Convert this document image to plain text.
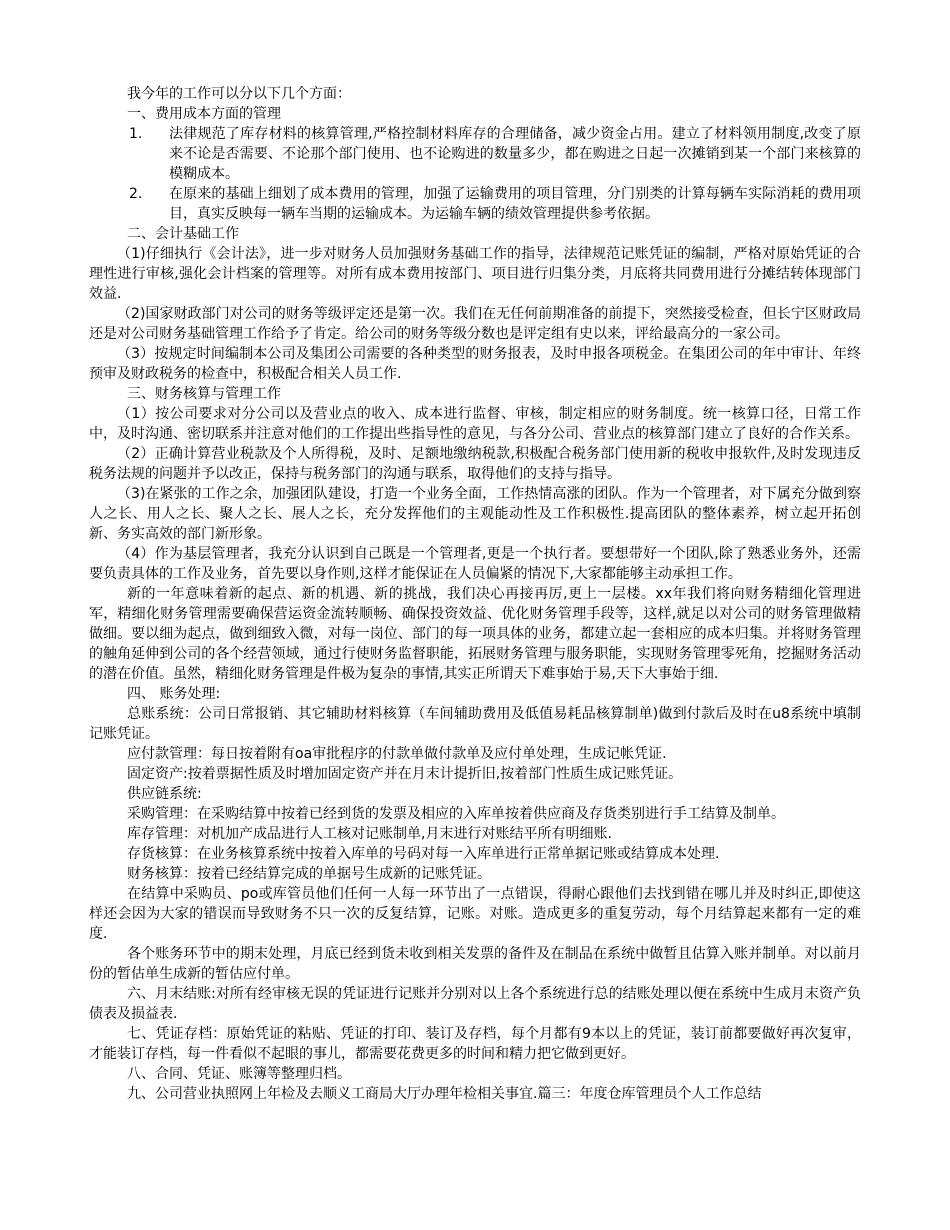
我今年的工作可以分以下几个方面：

一、费用成本方面的管理

1.	法律规范了库存材料的核算管理,严格控制材料库存的合理储备，减少资金占用。建立了材料领用制度,改变了原来不论是否需要、不论那个部门使用、也不论购进的数量多少，都在购进之日起一次摊销到某一个部门来核算的模糊成本。
2.	在原来的基础上细划了成本费用的管理，加强了运输费用的项目管理，分门别类的计算每辆车实际消耗的费用项目，真实反映每一辆车当期的运输成本。为运输车辆的绩效管理提供参考依据。

二、会计基础工作

（1)仔细执行《会计法》，进一步对财务人员加强财务基础工作的指导，法律规范记账凭证的编制，严格对原始凭证的合理性进行审核,强化会计档案的管理等。对所有成本费用按部门、项目进行归集分类，月底将共同费用进行分摊结转体现部门效益.

（2)国家财政部门对公司的财务等级评定还是第一次。我们在无任何前期准备的前提下，突然接受检查，但长宁区财政局还是对公司财务基础管理工作给予了肯定。给公司的财务等级分数也是评定组有史以来，评给最高分的一家公司。

（3）按规定时间编制本公司及集团公司需要的各种类型的财务报表，及时申报各项税金。在集团公司的年中审计、年终预审及财政税务的检查中，积极配合相关人员工作.

三、财务核算与管理工作

（1）按公司要求对分公司以及营业点的收入、成本进行监督、审核，制定相应的财务制度。统一核算口径，日常工作中，及时沟通、密切联系并注意对他们的工作提出些指导性的意见，与各分公司、营业点的核算部门建立了良好的合作关系。

（2）正确计算营业税款及个人所得税，及时、足额地缴纳税款,积极配合税务部门使用新的税收申报软件,及时发现违反税务法规的问题并予以改正，保持与税务部门的沟通与联系，取得他们的支持与指导。

（3)在紧张的工作之余，加强团队建设，打造一个业务全面，工作热情高涨的团队。作为一个管理者，对下属充分做到察人之长、用人之长、聚人之长、展人之长，充分发挥他们的主观能动性及工作积极性.提高团队的整体素养，树立起开拓创新、务实高效的部门新形象。

（4）作为基层管理者，我充分认识到自己既是一个管理者,更是一个执行者。要想带好一个团队,除了熟悉业务外，还需要负责具体的工作及业务，首先要以身作则,这样才能保证在人员偏紧的情况下,大家都能够主动承担工作。

新的一年意味着新的起点、新的机遇、新的挑战，我们决心再接再厉,更上一层楼。xx年我们将向财务精细化管理进军，精细化财务管理需要确保营运资金流转顺畅、确保投资效益、优化财务管理手段等，这样,就足以对公司的财务管理做精做细。要以细为起点，做到细致入微，对每一岗位、部门的每一项具体的业务，都建立起一套相应的成本归集。并将财务管理的触角延伸到公司的各个经营领域，通过行使财务监督职能，拓展财务管理与服务职能，实现财务管理零死角，挖掘财务活动的潜在价值。虽然，精细化财务管理是件极为复杂的事情,其实正所谓天下难事始于易,天下大事始于细.

四、 账务处理:

总账系统：公司日常报销、其它辅助材料核算（车间辅助费用及低值易耗品核算制单)做到付款后及时在u8系统中填制记账凭证。

应付款管理：每日按着附有oa审批程序的付款单做付款单及应付单处理，生成记帐凭证.

固定资产:按着票据性质及时增加固定资产并在月末计提折旧,按着部门性质生成记账凭证。

供应链系统:

采购管理：在采购结算中按着已经到货的发票及相应的入库单按着供应商及存货类别进行手工结算及制单。

库存管理：对机加产成品进行人工核对记账制单,月末进行对账结平所有明细账.

存货核算：在业务核算系统中按着入库单的号码对每一入库单进行正常单据记账或结算成本处理.

财务核算：按着已经结算完成的单据号生成新的记账凭证。

在结算中采购员、po或库管员他们任何一人每一环节出了一点错误，得耐心跟他们去找到错在哪儿并及时纠正,即使这样还会因为大家的错误而导致财务不只一次的反复结算，记账。对账。造成更多的重复劳动，每个月结算起来都有一定的难度.

各个账务环节中的期末处理，月底已经到货未收到相关发票的备件及在制品在系统中做暂且估算入账并制单。对以前月份的暂估单生成新的暂估应付单。

六、月末结账:对所有经审核无误的凭证进行记账并分别对以上各个系统进行总的结账处理以便在系统中生成月末资产负债表及损益表.

七、凭证存档：原始凭证的粘贴、凭证的打印、装订及存档，每个月都有9本以上的凭证，装订前都要做好再次复审，才能装订存档，每一件看似不起眼的事儿，都需要花费更多的时间和精力把它做到更好。

八、合同、凭证、账簿等整理归档。

九、公司营业执照网上年检及去顺义工商局大厅办理年检相关事宜.篇三：年度仓库管理员个人工作总结
